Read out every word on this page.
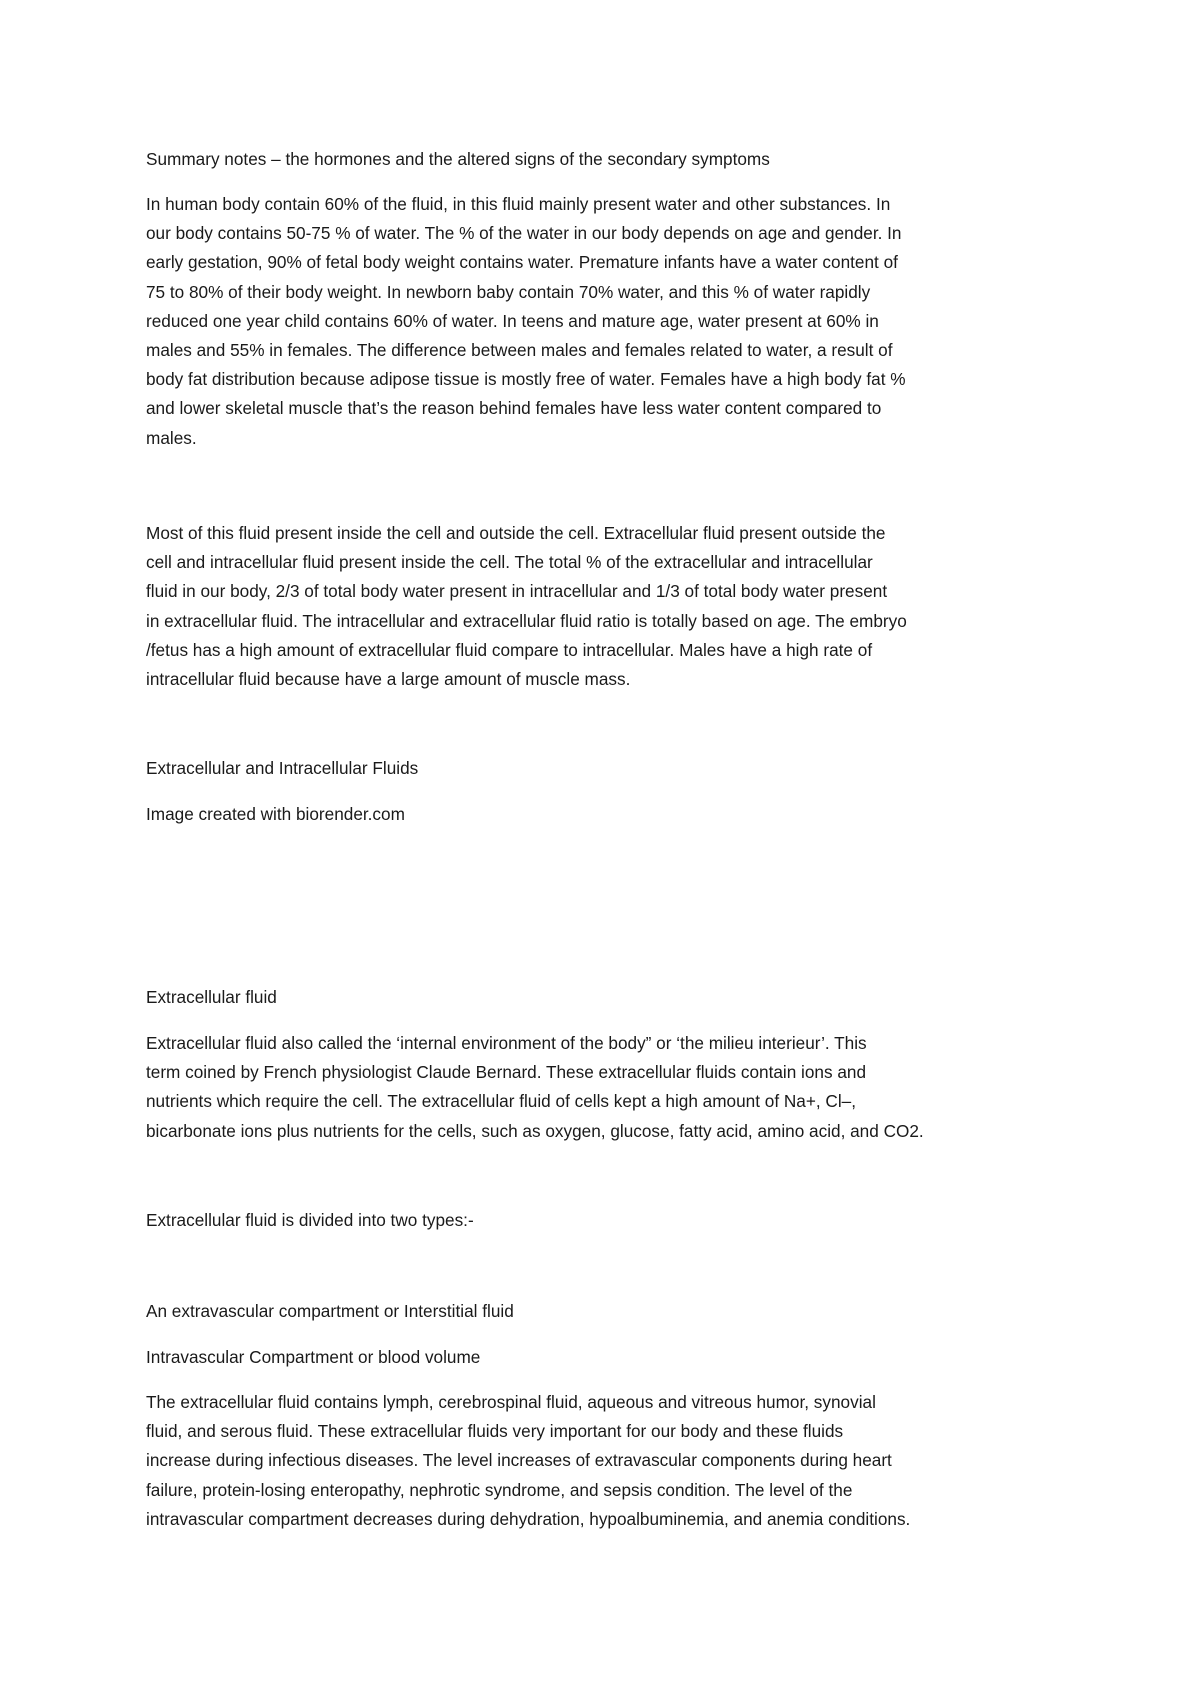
Summary notes – the hormones and the altered signs of the secondary symptoms

In human body contain 60% of the fluid, in this fluid mainly present water and other substances. In
our body contains 50-75 % of water. The % of the water in our body depends on age and gender. In
early gestation, 90% of fetal body weight contains water. Premature infants have a water content of
75 to 80% of their body weight. In newborn baby contain 70% water, and this % of water rapidly
reduced one year child contains 60% of water. In teens and mature age, water present at 60% in
males and 55% in females. The difference between males and females related to water, a result of
body fat distribution because adipose tissue is mostly free of water. Females have a high body fat %
and lower skeletal muscle that’s the reason behind females have less water content compared to
males.

Most of this fluid present inside the cell and outside the cell. Extracellular fluid present outside the
cell and intracellular fluid present inside the cell. The total % of the extracellular and intracellular
fluid in our body, 2/3 of total body water present in intracellular and 1/3 of total body water present
in extracellular fluid. The intracellular and extracellular fluid ratio is totally based on age. The embryo
/fetus has a high amount of extracellular fluid compare to intracellular. Males have a high rate of
intracellular fluid because have a large amount of muscle mass.

Extracellular and Intracellular Fluids

Image created with biorender.com

Extracellular fluid

Extracellular fluid also called the ‘internal environment of the body” or ‘the milieu interieur’. This
term coined by French physiologist Claude Bernard. These extracellular fluids contain ions and
nutrients which require the cell. The extracellular fluid of cells kept a high amount of Na+, Cl–,
bicarbonate ions plus nutrients for the cells, such as oxygen, glucose, fatty acid, amino acid, and CO2.

Extracellular fluid is divided into two types:-

An extravascular compartment or Interstitial fluid

Intravascular Compartment or blood volume

The extracellular fluid contains lymph, cerebrospinal fluid, aqueous and vitreous humor, synovial
fluid, and serous fluid. These extracellular fluids very important for our body and these fluids
increase during infectious diseases. The level increases of extravascular components during heart
failure, protein-losing enteropathy, nephrotic syndrome, and sepsis condition. The level of the
intravascular compartment decreases during dehydration, hypoalbuminemia, and anemia conditions.
